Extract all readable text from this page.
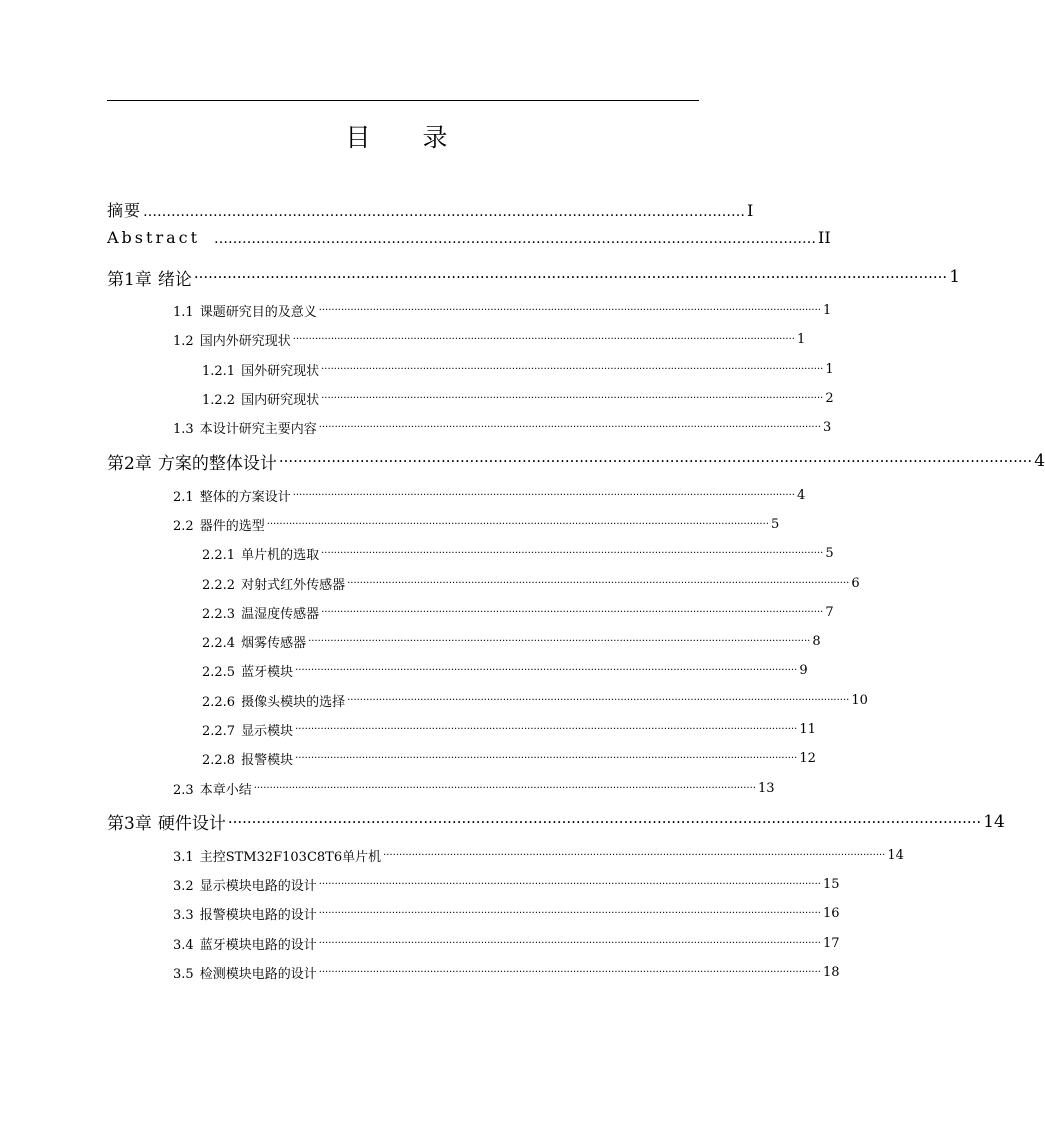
目 录
摘要 ………………………………………………………………………………………………………………… I
Abstract ………………………………………………………………………………………………………………… II
第1章 绪论 ······························································································································································ 1
1.1 课题研究目的及意义 ······························································································································································ 1
1.2 国内外研究现状 ······························································································································································ 1
1.2.1 国外研究现状 ······························································································································································ 1
1.2.2 国内研究现状 ······························································································································································ 2
1.3 本设计研究主要内容 ······························································································································································ 3
第2章 方案的整体设计 ······························································································································································ 4
2.1 整体的方案设计 ······························································································································································ 4
2.2 器件的选型 ······························································································································································ 5
2.2.1 单片机的选取 ······························································································································································ 5
2.2.2 对射式红外传感器 ······························································································································································ 6
2.2.3 温湿度传感器 ······························································································································································ 7
2.2.4 烟雾传感器 ······························································································································································ 8
2.2.5 蓝牙模块 ······························································································································································ 9
2.2.6 摄像头模块的选择 ······························································································································································ 10
2.2.7 显示模块 ······························································································································································ 11
2.2.8 报警模块 ······························································································································································ 12
2.3 本章小结 ······························································································································································ 13
第3章 硬件设计 ······························································································································································ 14
3.1 主控STM32F103C8T6单片机 ······························································································································································ 14
3.2 显示模块电路的设计 ······························································································································································ 15
3.3 报警模块电路的设计 ······························································································································································ 16
3.4 蓝牙模块电路的设计 ······························································································································································ 17
3.5 检测模块电路的设计 ······························································································································································ 18
